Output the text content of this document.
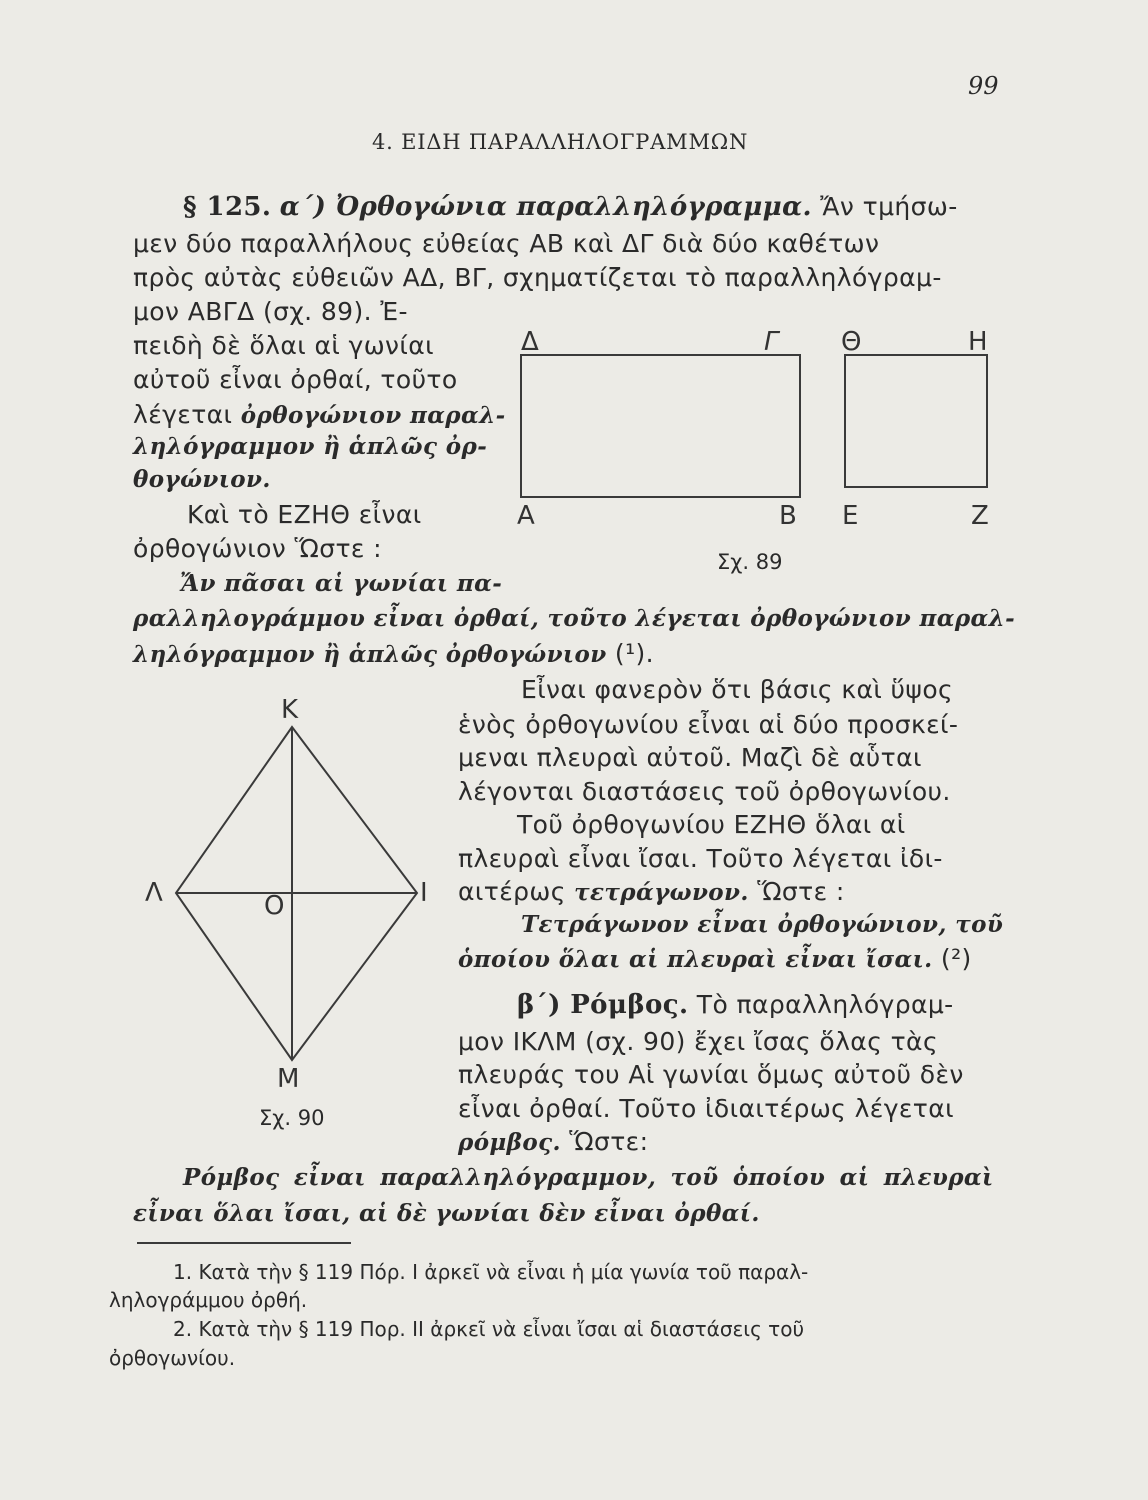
99
4. ΕΙΔΗ ΠΑΡΑΛΛΗΛΟΓΡΑΜΜΩΝ
§ 125. α΄) Ὀρθογώνια παραλληλόγραμμα. Ἄν τμήσω-
μεν δύο παραλλήλους εὐθείας ΑΒ καὶ ΔΓ διὰ δύο καθέτων
πρὸς αὐτὰς εὐθειῶν ΑΔ, ΒΓ, σχηματίζεται τὸ παραλληλόγραμ-
μον ΑΒΓΔ (σχ. 89). Ἐ-
πειδὴ δὲ ὅλαι αἱ γωνίαι
αὐτοῦ εἶναι ὀρθαί, τοῦτο
λέγεται ὀρθογώνιον παραλ-
ληλόγραμμον ἢ ἁπλῶς ὀρ-
θογώνιον.
Καὶ τὸ ΕΖΗΘ εἶναι
ὀρθογώνιον Ὥστε :
Ἄν πᾶσαι αἱ γωνίαι πα-
ραλληλογράμμου εἶναι ὀρθαί, τοῦτο λέγεται ὀρθογώνιον παραλ-
ληλόγραμμον ἢ ἁπλῶς ὀρθογώνιον (¹).
Εἶναι φανερὸν ὅτι βάσις καὶ ὕψος
ἑνὸς ὀρθογωνίου εἶναι αἱ δύο προσκεί-
μεναι πλευραὶ αὐτοῦ. Μαζὶ δὲ αὗται
λέγονται διαστάσεις τοῦ ὀρθογωνίου.
Τοῦ ὀρθογωνίου ΕΖΗΘ ὅλαι αἱ
πλευραὶ εἶναι ἴσαι. Τοῦτο λέγεται ἰδι-
αιτέρως τετράγωνον. Ὥστε :
Τετράγωνον εἶναι ὀρθογώνιον, τοῦ
ὁποίου ὅλαι αἱ πλευραὶ εἶναι ἴσαι. (²)
β΄) Ρόμβος. Τὸ παραλληλόγραμ-
μον ΙΚΛΜ (σχ. 90) ἔχει ἴσας ὅλας τὰς
πλευράς του Αἱ γωνίαι ὅμως αὐτοῦ δὲν
εἶναι ὀρθαί. Τοῦτο ἰδιαιτέρως λέγεται
ρόμβος. Ὥστε:
Ρόμβος εἶναι παραλληλόγραμμον, τοῦ ὁποίου αἱ πλευραὶ
εἶναι ὅλαι ἴσαι, αἱ δὲ γωνίαι δὲν εἶναι ὀρθαί.
1. Κατὰ τὴν § 119 Πόρ. Ι ἀρκεῖ νὰ εἶναι ἡ μία γωνία τοῦ παραλ-
ληλογράμμου ὀρθή.
2. Κατὰ τὴν § 119 Πορ. ΙΙ ἀρκεῖ νὰ εἶναι ἴσαι αἱ διαστάσεις τοῦ
ὀρθογωνίου.
Δ	Γ Θ	Η
Α	Β Ε	Ζ
Σχ. 89
Κ
Λ	Ο	Ι
Μ
Σχ. 90
